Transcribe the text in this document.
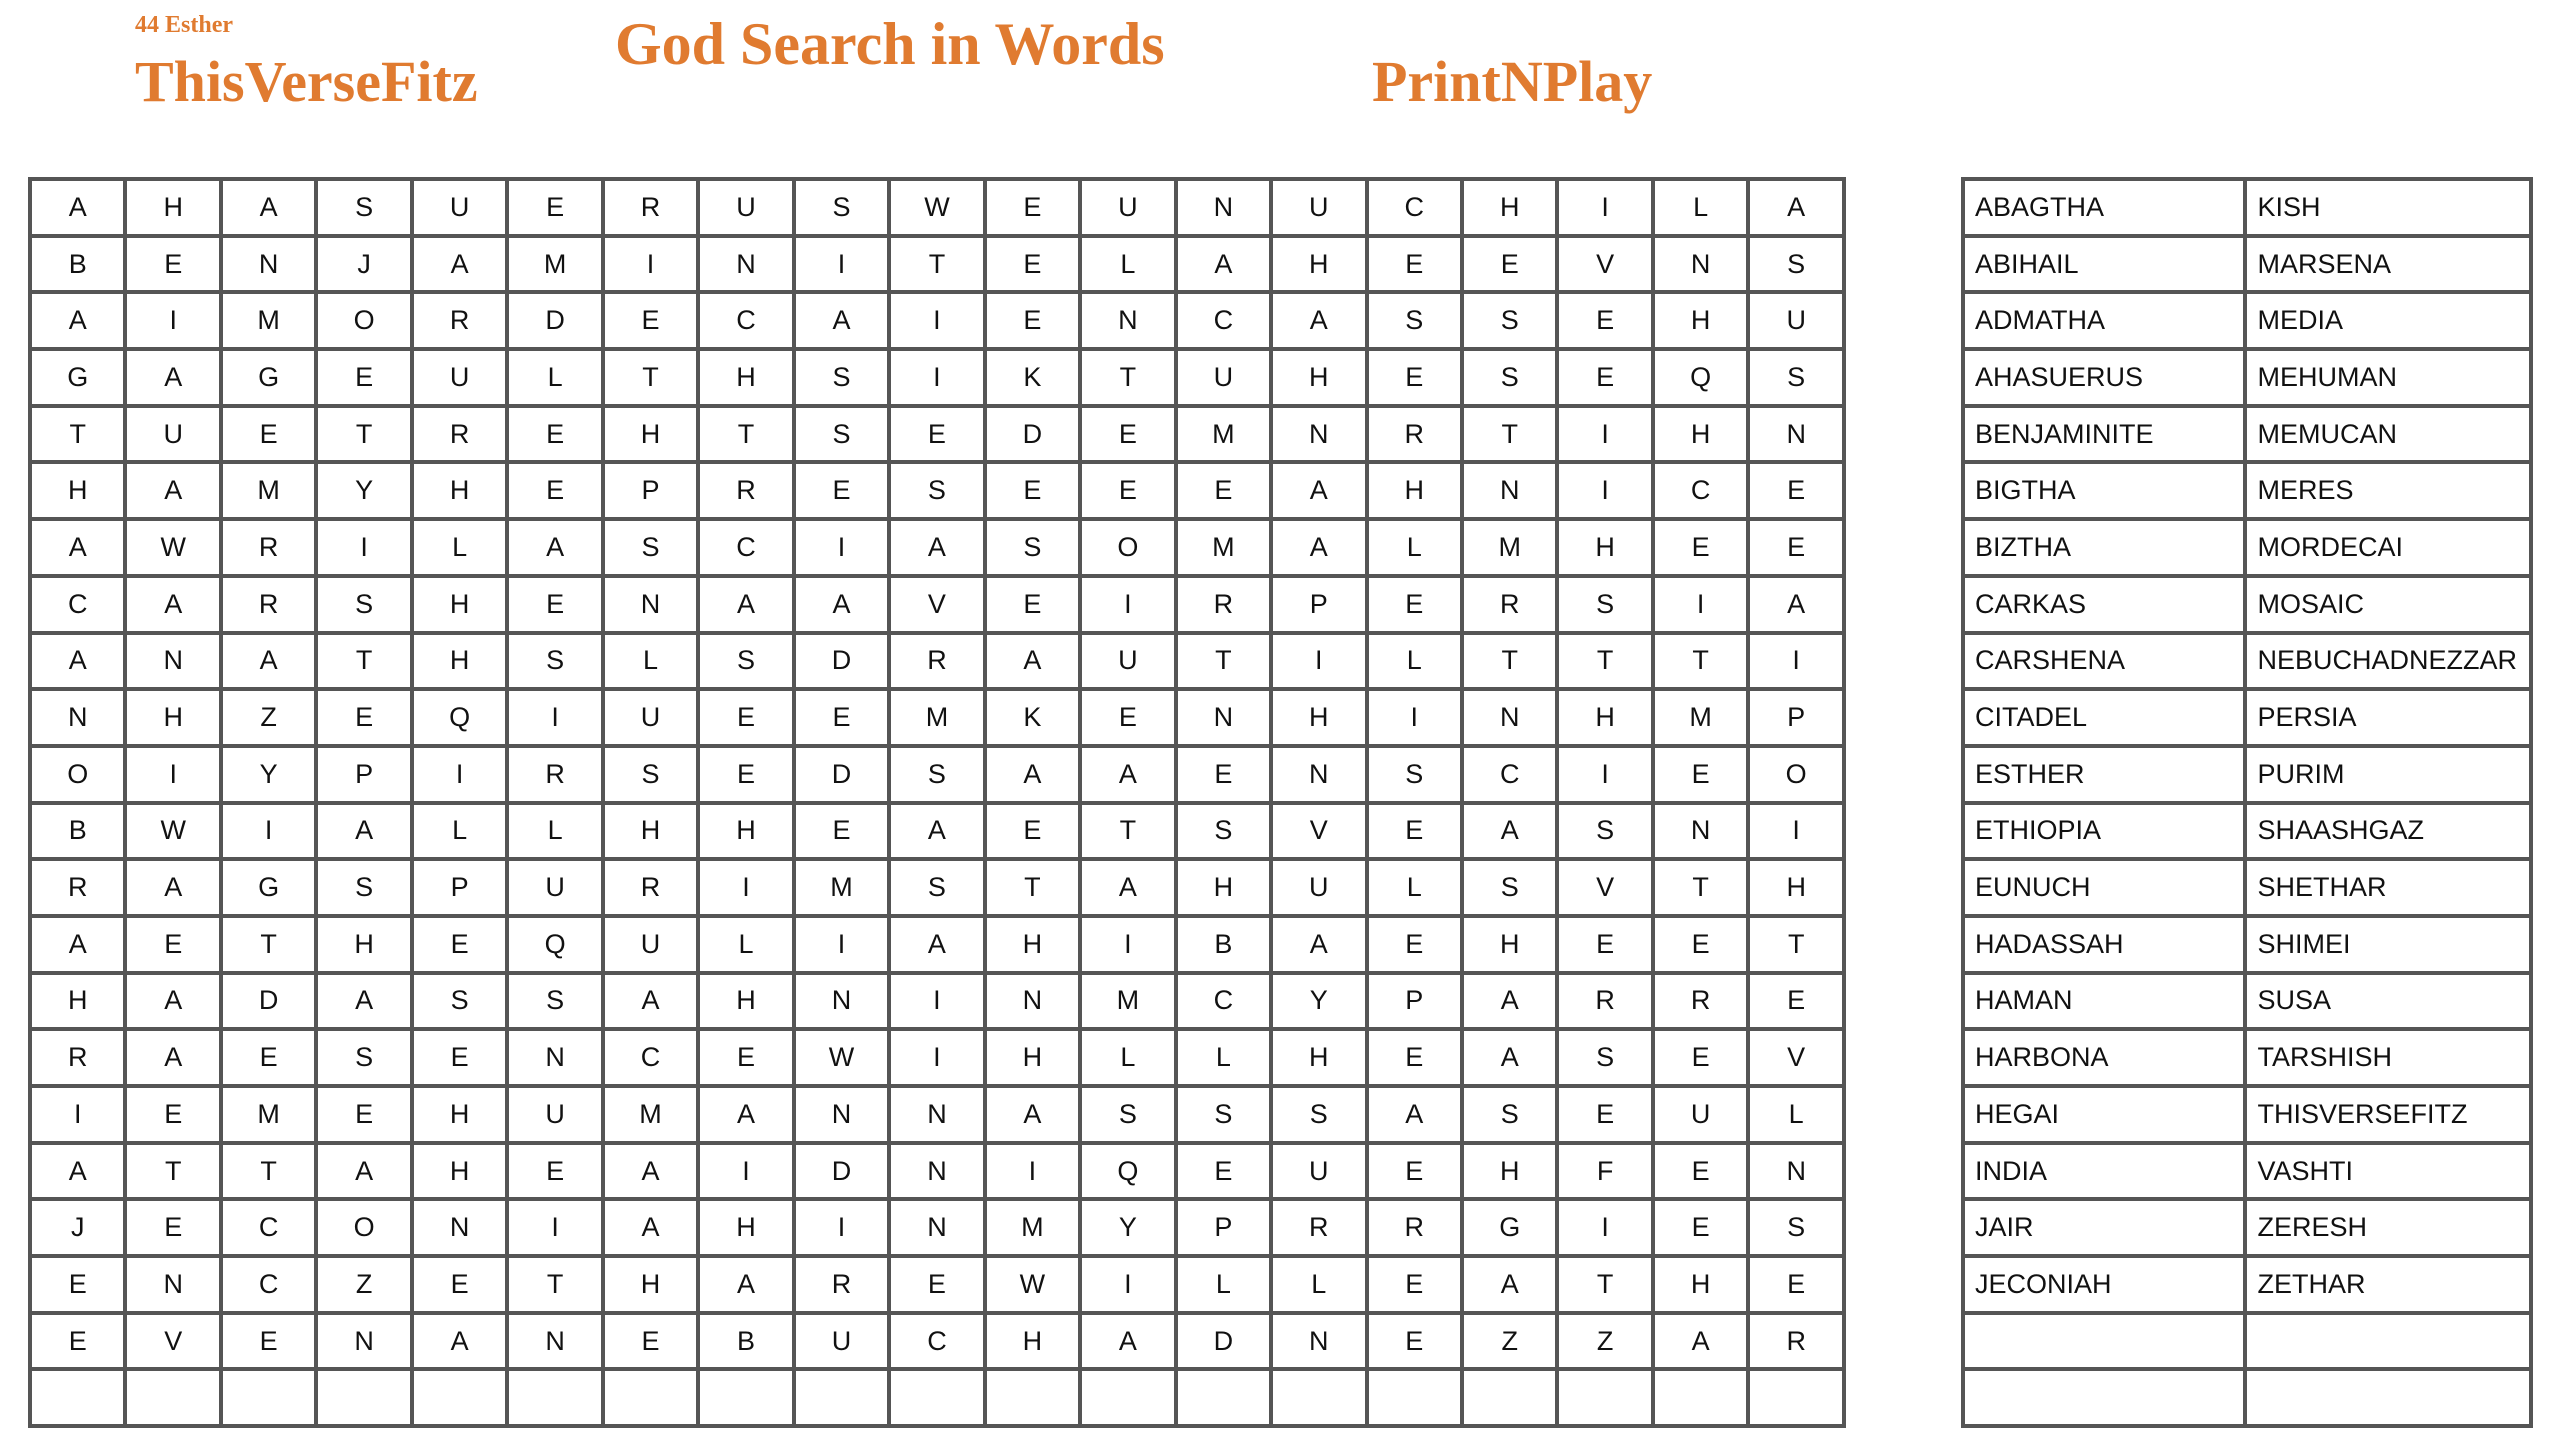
44 Esther
ThisVerseFitz
God Search in Words
PrintNPlay
A	H	A	S	U	E	R	U	S	W	E	U	N	U	C	H	I	L	A
B	E	N	J	A	M	I	N	I	T	E	L	A	H	E	E	V	N	S
A	I	M	O	R	D	E	C	A	I	E	N	C	A	S	S	E	H	U
G	A	G	E	U	L	T	H	S	I	K	T	U	H	E	S	E	Q	S
T	U	E	T	R	E	H	T	S	E	D	E	M	N	R	T	I	H	N
H	A	M	Y	H	E	P	R	E	S	E	E	E	A	H	N	I	C	E
A	W	R	I	L	A	S	C	I	A	S	O	M	A	L	M	H	E	E
C	A	R	S	H	E	N	A	A	V	E	I	R	P	E	R	S	I	A
A	N	A	T	H	S	L	S	D	R	A	U	T	I	L	T	T	T	I
N	H	Z	E	Q	I	U	E	E	M	K	E	N	H	I	N	H	M	P
O	I	Y	P	I	R	S	E	D	S	A	A	E	N	S	C	I	E	O
B	W	I	A	L	L	H	H	E	A	E	T	S	V	E	A	S	N	I
R	A	G	S	P	U	R	I	M	S	T	A	H	U	L	S	V	T	H
A	E	T	H	E	Q	U	L	I	A	H	I	B	A	E	H	E	E	T
H	A	D	A	S	S	A	H	N	I	N	M	C	Y	P	A	R	R	E
R	A	E	S	E	N	C	E	W	I	H	L	L	H	E	A	S	E	V
I	E	M	E	H	U	M	A	N	N	A	S	S	S	A	S	E	U	L
A	T	T	A	H	E	A	I	D	N	I	Q	E	U	E	H	F	E	N
J	E	C	O	N	I	A	H	I	N	M	Y	P	R	R	G	I	E	S
E	N	C	Z	E	T	H	A	R	E	W	I	L	L	E	A	T	H	E
E	V	E	N	A	N	E	B	U	C	H	A	D	N	E	Z	Z	A	R

ABAGTHA	KISH
ABIHAIL	MARSENA
ADMATHA	MEDIA
AHASUERUS	MEHUMAN
BENJAMINITE	MEMUCAN
BIGTHA	MERES
BIZTHA	MORDECAI
CARKAS	MOSAIC
CARSHENA	NEBUCHADNEZZAR
CITADEL	PERSIA
ESTHER	PURIM
ETHIOPIA	SHAASHGAZ
EUNUCH	SHETHAR
HADASSAH	SHIMEI
HAMAN	SUSA
HARBONA	TARSHISH
HEGAI	THISVERSEFITZ
INDIA	VASHTI
JAIR	ZERESH
JECONIAH	ZETHAR
